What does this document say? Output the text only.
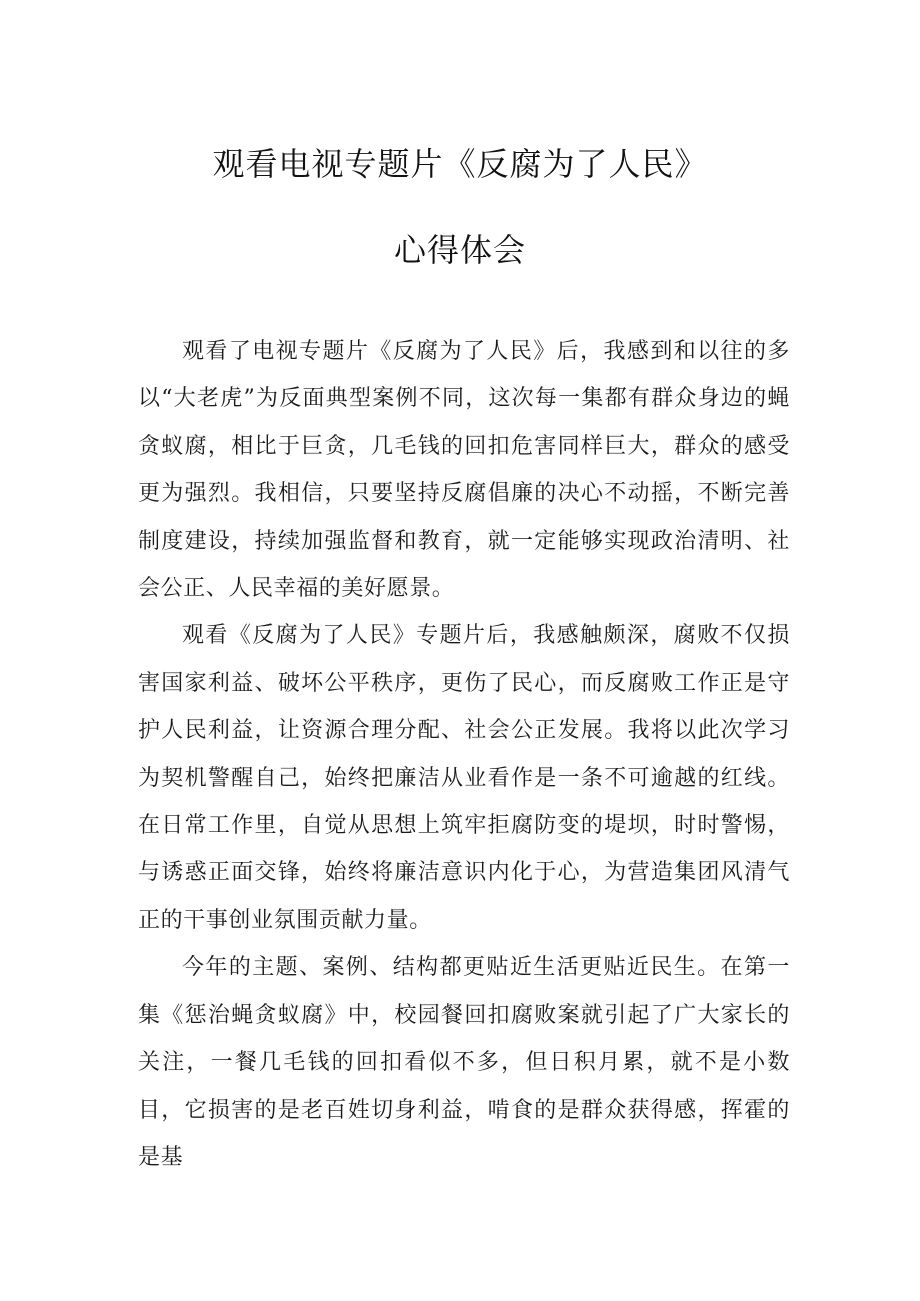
观看电视专题片《反腐为了人民》
心得体会

观看了电视专题片《反腐为了人民》后，我感到和以往的多以“大老虎”为反面典型案例不同，这次每一集都有群众身边的蝇贪蚁腐，相比于巨贪，几毛钱的回扣危害同样巨大，群众的感受更为强烈。我相信，只要坚持反腐倡廉的决心不动摇，不断完善制度建设，持续加强监督和教育，就一定能够实现政治清明、社会公正、人民幸福的美好愿景。

观看《反腐为了人民》专题片后，我感触颇深，腐败不仅损害国家利益、破坏公平秩序，更伤了民心，而反腐败工作正是守护人民利益，让资源合理分配、社会公正发展。我将以此次学习为契机警醒自己，始终把廉洁从业看作是一条不可逾越的红线。在日常工作里，自觉从思想上筑牢拒腐防变的堤坝，时时警惕，与诱惑正面交锋，始终将廉洁意识内化于心，为营造集团风清气正的干事创业氛围贡献力量。

今年的主题、案例、结构都更贴近生活更贴近民生。在第一集《惩治蝇贪蚁腐》中，校园餐回扣腐败案就引起了广大家长的关注，一餐几毛钱的回扣看似不多，但日积月累，就不是小数目，它损害的是老百姓切身利益，啃食的是群众获得感，挥霍的是基
